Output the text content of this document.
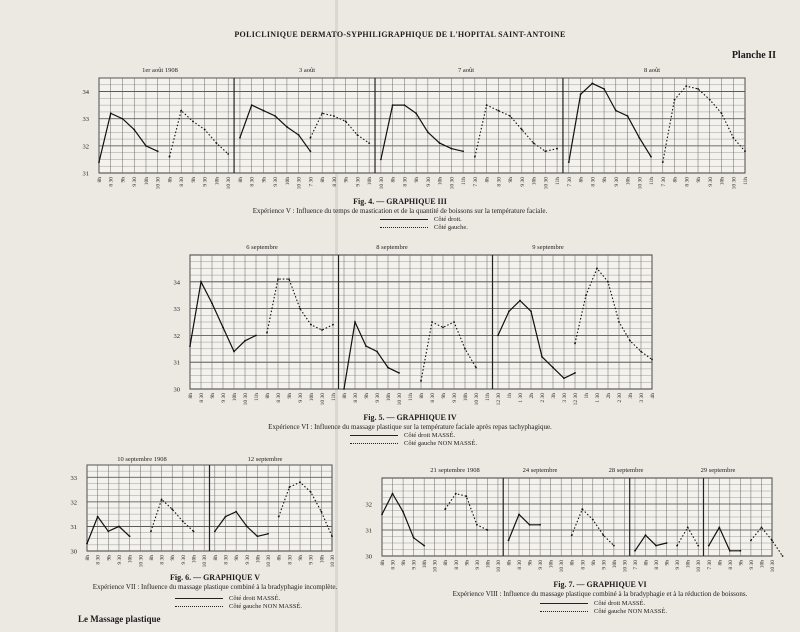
POLICLINIQUE DERMATO-SYPHILIGRAPHIQUE DE L'HOPITAL SAINT-ANTOINE
Planche II
Le Massage plastique
31
32
33
34
8h 8 30 9h 9 30 10h 10 30 8h 8 30 9h 9 30 10h 10 30 8h 8 30 9h 9 30 10h 10 30 7 30 8h 8 30 9h 9 30 10h 10 30 8h 8 30 9h 9 30 10h 10 30 11h 7 30 8h 8 30 9h 9 30 10h 10 30 11h 7 30 8h 8 30 9h 9 30 10h 10 30 11h 7 30 8h 8 30 9h 9 30 10h 10 30 11h
1er août 1908	3 août	7 août	8 août
30
31
32
33
34
8h 8 30 9h 9 30 10h 10 30 11h 8h 8 30 9h 9 30 10h 10 30 11h 8h 8 30 9h 9 30 10h 10 30 11h 8h 8 30 9h 9 30 10h 10 30 11h 12 30 1h 1 30 2h 2 30 3h 3 30 12 30 1h 1 30 2h 2 30 3h 3 30 4h
6 septembre	8 septembre	9 septembre
30
31
32
33
8h 8 30 9h 9 30 10h 10 30 8h 8 30 9h 9 30 10h 10 30 8h 8 30 9h 9 30 10h 10 30 8h 8 30 9h 9 30 10h 10 30
10 septembre 1908	12 septembre
30
31
32
8h 8 30 9h 9 30 10h 10 30 8h 8 30 9h 9 30 10h 10 30 8h 8 30 9h 9 30 10h 10 30 8h 8 30 9h 9 30 10h 10 30 7 30 8h 8 30 9h 9 30 10h 10 30 7 30 8h 8 30 9h 9 30 10h 10 30
21 septembre 1908	24 septembre	28 septembre	29 septembre
Fig. 4. — GRAPHIQUE III
Expérience V : Influence du temps de mastication et de la quantité de boissons sur la température faciale.
Côté droit.
Côté gauche.
Fig. 5. — GRAPHIQUE IV
Expérience VI : Influence du massage plastique sur la température faciale après repas tachyphagique.
Côté droit MASSÉ.
Côté gauche NON MASSÉ.
Fig. 6. — GRAPHIQUE V
Expérience VII : Influence du massage plastique combiné à la bradyphagie incomplète.
Côté droit MASSÉ.
Côté gauche NON MASSÉ.
Fig. 7. — GRAPHIQUE VI
Expérience VIII : Influence du massage plastique combiné à la bradyphagie et à la réduction de boissons.
Côté droit MASSÉ.
Côté gauche NON MASSÉ.
